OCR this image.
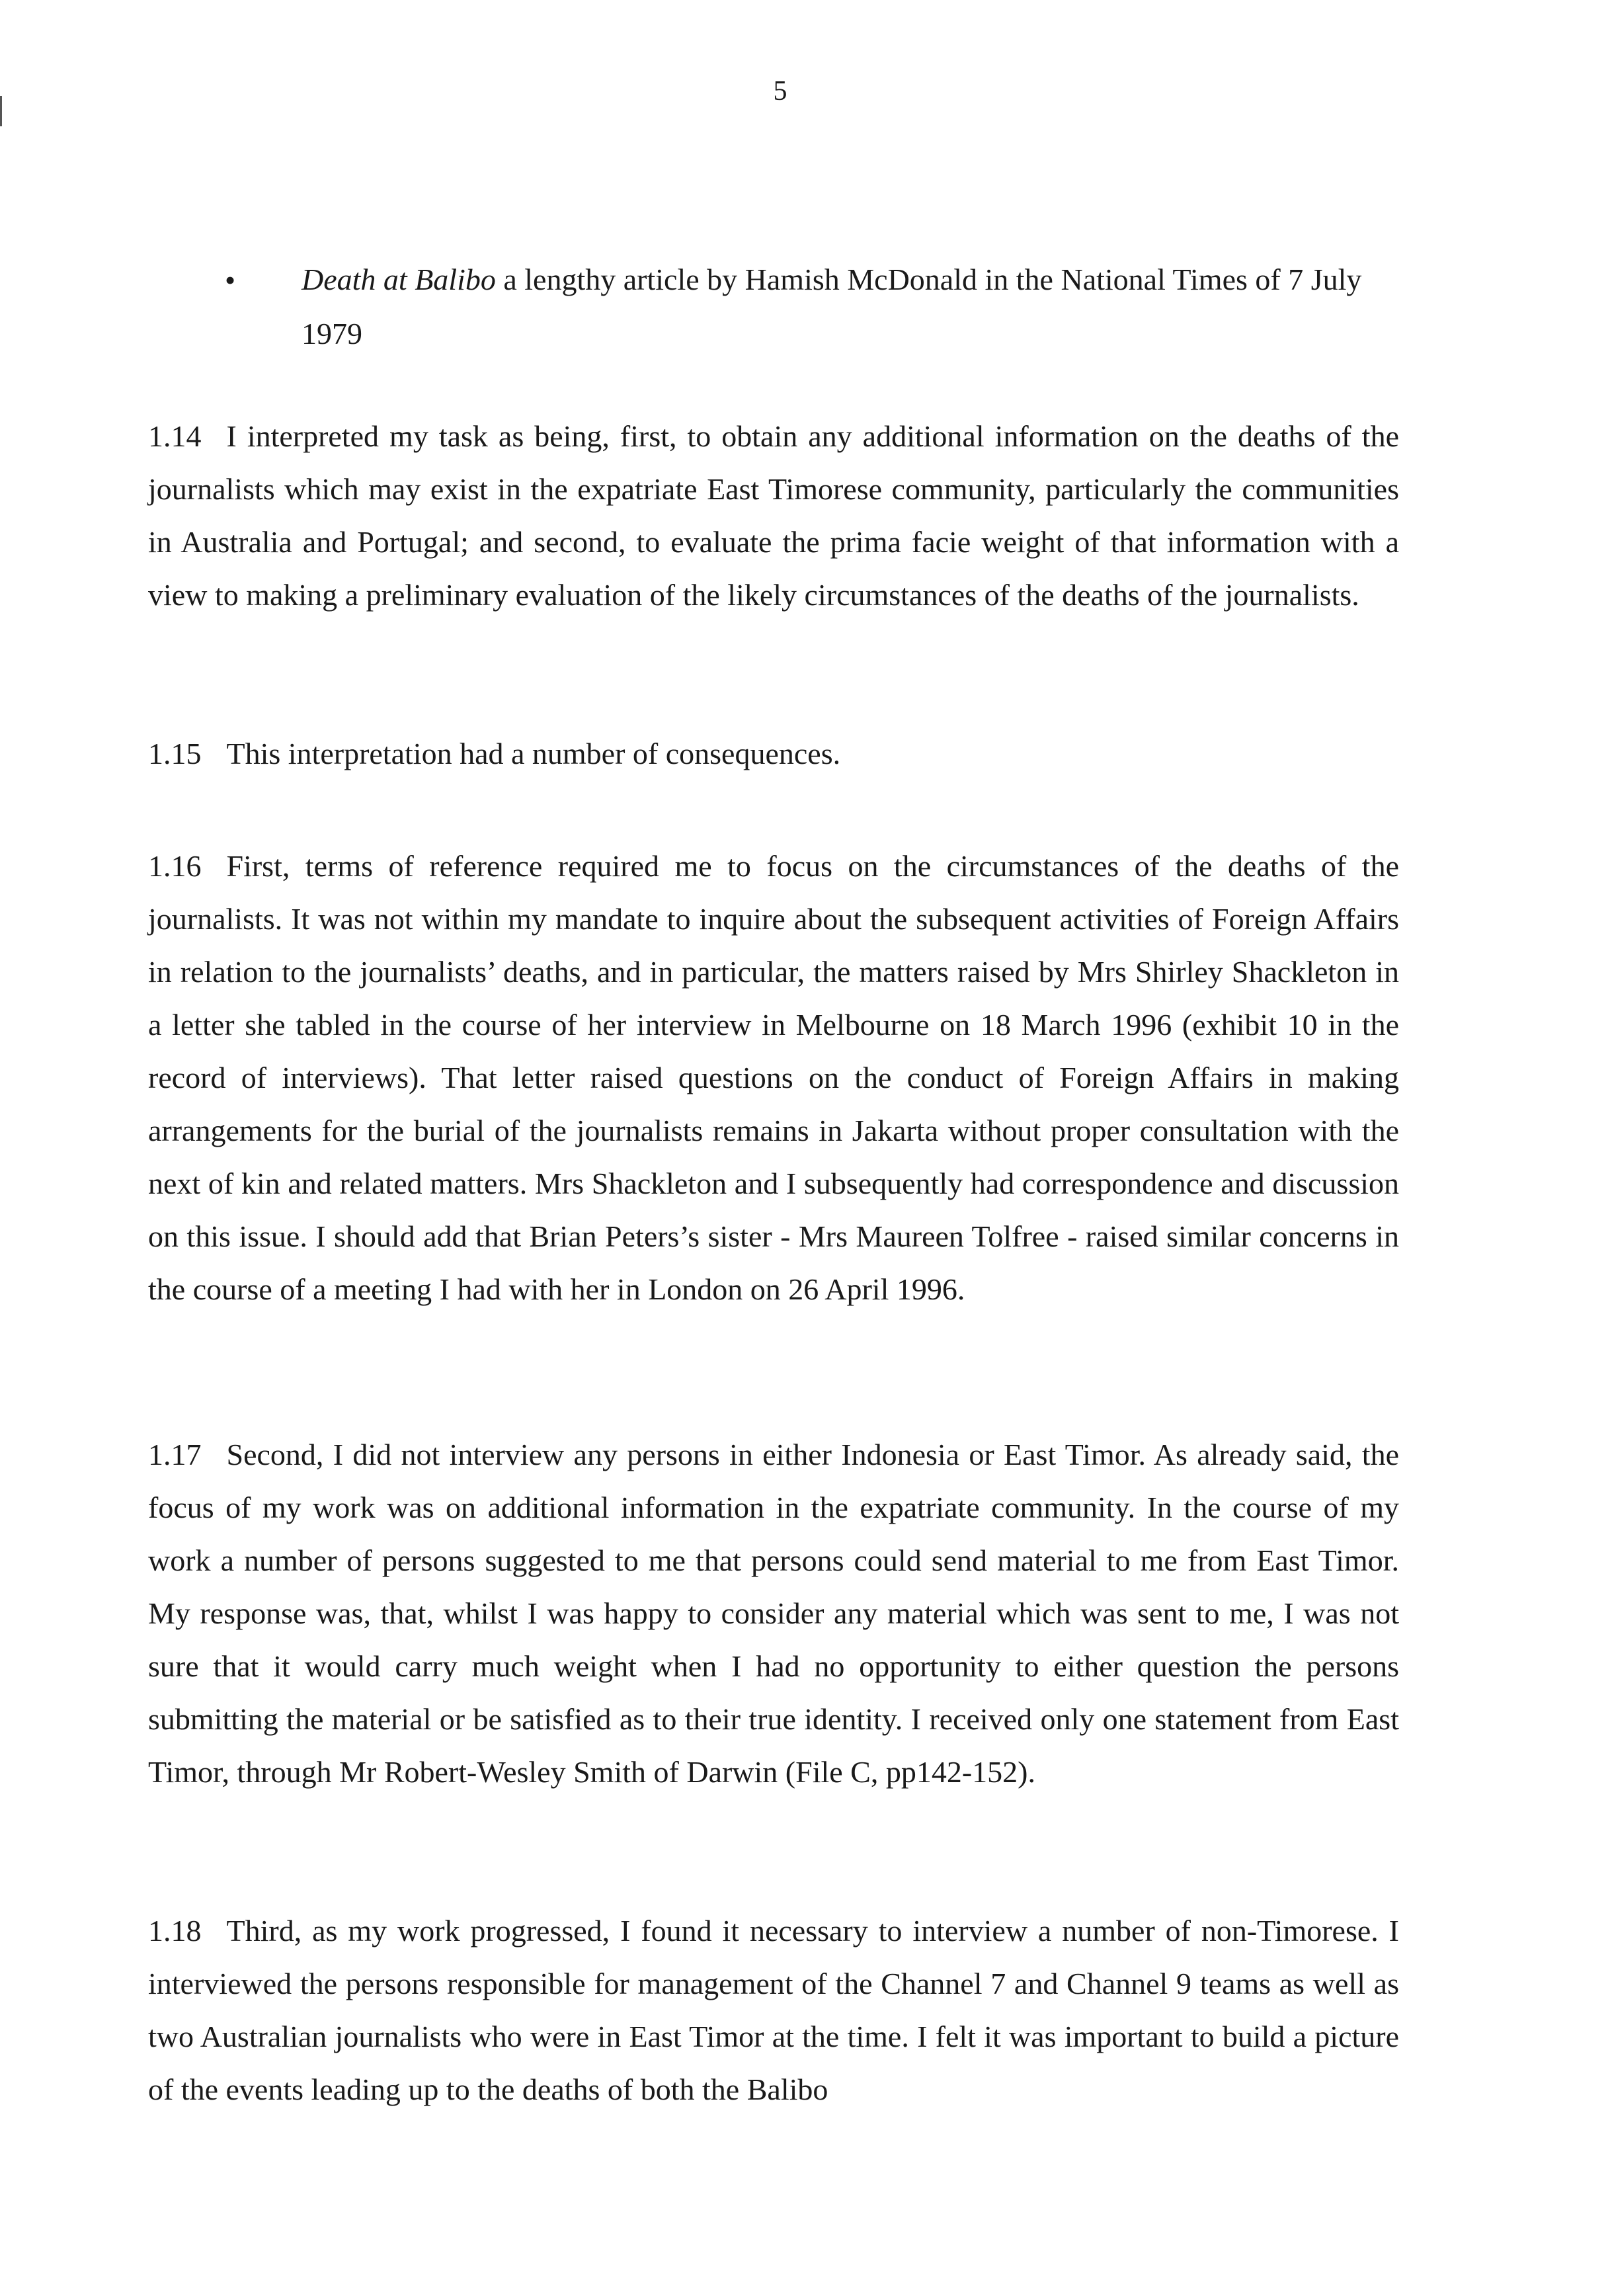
5
• Death at Balibo a lengthy article by Hamish McDonald in the National Times of 7 July 1979

1.14 I interpreted my task as being, first, to obtain any additional information on the deaths of the journalists which may exist in the expatriate East Timorese community, particularly the communities in Australia and Portugal; and second, to evaluate the prima facie weight of that information with a view to making a preliminary evaluation of the likely circumstances of the deaths of the journalists.

1.15 This interpretation had a number of consequences.

1.16 First, terms of reference required me to focus on the circumstances of the deaths of the journalists. It was not within my mandate to inquire about the subsequent activities of Foreign Affairs in relation to the journalists’ deaths, and in particular, the matters raised by Mrs Shirley Shackleton in a letter she tabled in the course of her interview in Melbourne on 18 March 1996 (exhibit 10 in the record of interviews). That letter raised questions on the conduct of Foreign Affairs in making arrangements for the burial of the journalists remains in Jakarta without proper consultation with the next of kin and related matters. Mrs Shackleton and I subsequently had correspondence and discussion on this issue. I should add that Brian Peters’s sister - Mrs Maureen Tolfree - raised similar concerns in the course of a meeting I had with her in London on 26 April 1996.

1.17 Second, I did not interview any persons in either Indonesia or East Timor. As already said, the focus of my work was on additional information in the expatriate community. In the course of my work a number of persons suggested to me that persons could send material to me from East Timor. My response was, that, whilst I was happy to consider any material which was sent to me, I was not sure that it would carry much weight when I had no opportunity to either question the persons submitting the material or be satisfied as to their true identity. I received only one statement from East Timor, through Mr Robert-Wesley Smith of Darwin (File C, pp142-152).

1.18 Third, as my work progressed, I found it necessary to interview a number of non-Timorese. I interviewed the persons responsible for management of the Channel 7 and Channel 9 teams as well as two Australian journalists who were in East Timor at the time. I felt it was important to build a picture of the events leading up to the deaths of both the Balibo
